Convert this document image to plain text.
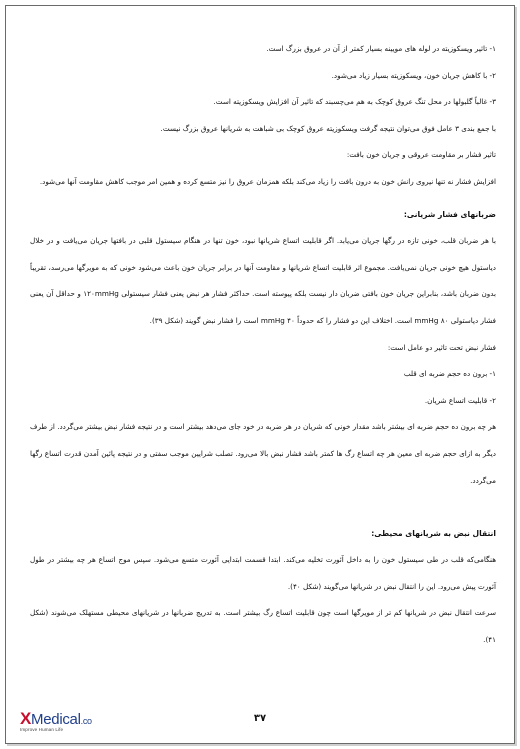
۱- تاثیر ویسکوزیته در لوله های مویینه بسیار کمتر از آن در عروق بزرگ است.

۲- با کاهش جریان خون، ویسکوزیته بسیار زیاد می‌شود.

۳- غالباً گلبولها در محل تنگ عروق کوچک به هم می‌چسبند که تاثیر آن افزایش ویسکوزیته است.

با جمع بندی ۳ عامل فوق می‌توان نتیجه گرفت ویسکوزیته عروق کوچک بی شباهت به شریانها عروق بزرگ نیست.

تاثیر فشار بر مقاومت عروقی و جریان خون بافت:

افزایش فشار نه تنها نیروی رانش خون به درون بافت را زیاد می‌کند بلکه همزمان عروق را نیز متسع کرده و همین امر موجب کاهش مقاومت آنها می‌شود.

ضربانهای فشار شریانی:

با هر ضربان قلب، خونی تازه در رگها جریان می‌یابد. اگر قابلیت اتساع شریانها نبود، خون تنها در هنگام سیستول قلبی در بافتها جریان می‌یافت و در خلال دیاستول هیچ خونی جریان نمی‌یافت. مجموع اثر قابلیت اتساع شریانها و مقاومت آنها در برابر جریان خون باعث می‌شود خونی که به مویرگها می‌رسد، تقریباً بدون ضربان باشد، بنابراین جریان خون بافتی ضربان دار نیست بلکه پیوسته است. حداکثر فشار هر نبض یعنی فشار سیستولی ۱۲۰mmHg و حداقل آن یعنی فشار دیاستولی ۸۰ mmHg است. اختلاف این دو فشار را که حدوداً ۴۰ mmHg است را فشار نبض گویند (شکل ۳۹).

فشار نبض تحت تاثیر دو عامل است:

۱- برون ده حجم ضربه ای قلب

۲- قابلیت اتساع شریان.

هر چه برون ده حجم ضربه ای بیشتر باشد مقدار خونی که شریان در هر ضربه در خود جای می‌دهد بیشتر است و در نتیجه فشار نبض بیشتر می‌گردد. از طرف دیگر به ازای حجم ضربه ای معین هر چه اتساع رگ ها کمتر باشد فشار نبض بالا می‌رود. تصلب شرایین موجب سفتی و در نتیجه پائین آمدن قدرت اتساع رگها می‌گردد.

انتقال نبض به شریانهای محیطی:

هنگامی‌که قلب در طی سیستول خون را به داخل آئورت تخلیه می‌کند. ابتدا قسمت ابتدایی آئورت متسع می‌شود. سپس موج اتساع هر چه بیشتر در طول آئورت پیش می‌رود. این را انتقال نبض در شریانها می‌گویند (شکل ۴۰).

سرعت انتقال نبض در شریانها کم تر از مویرگها است چون قابلیت اتساع رگ بیشتر است. به تدریج ضربانها در شریانهای محیطی مستهلک می‌شوند (شکل ۴۱).

XMedical.co
Improve Human Life
۳۷
